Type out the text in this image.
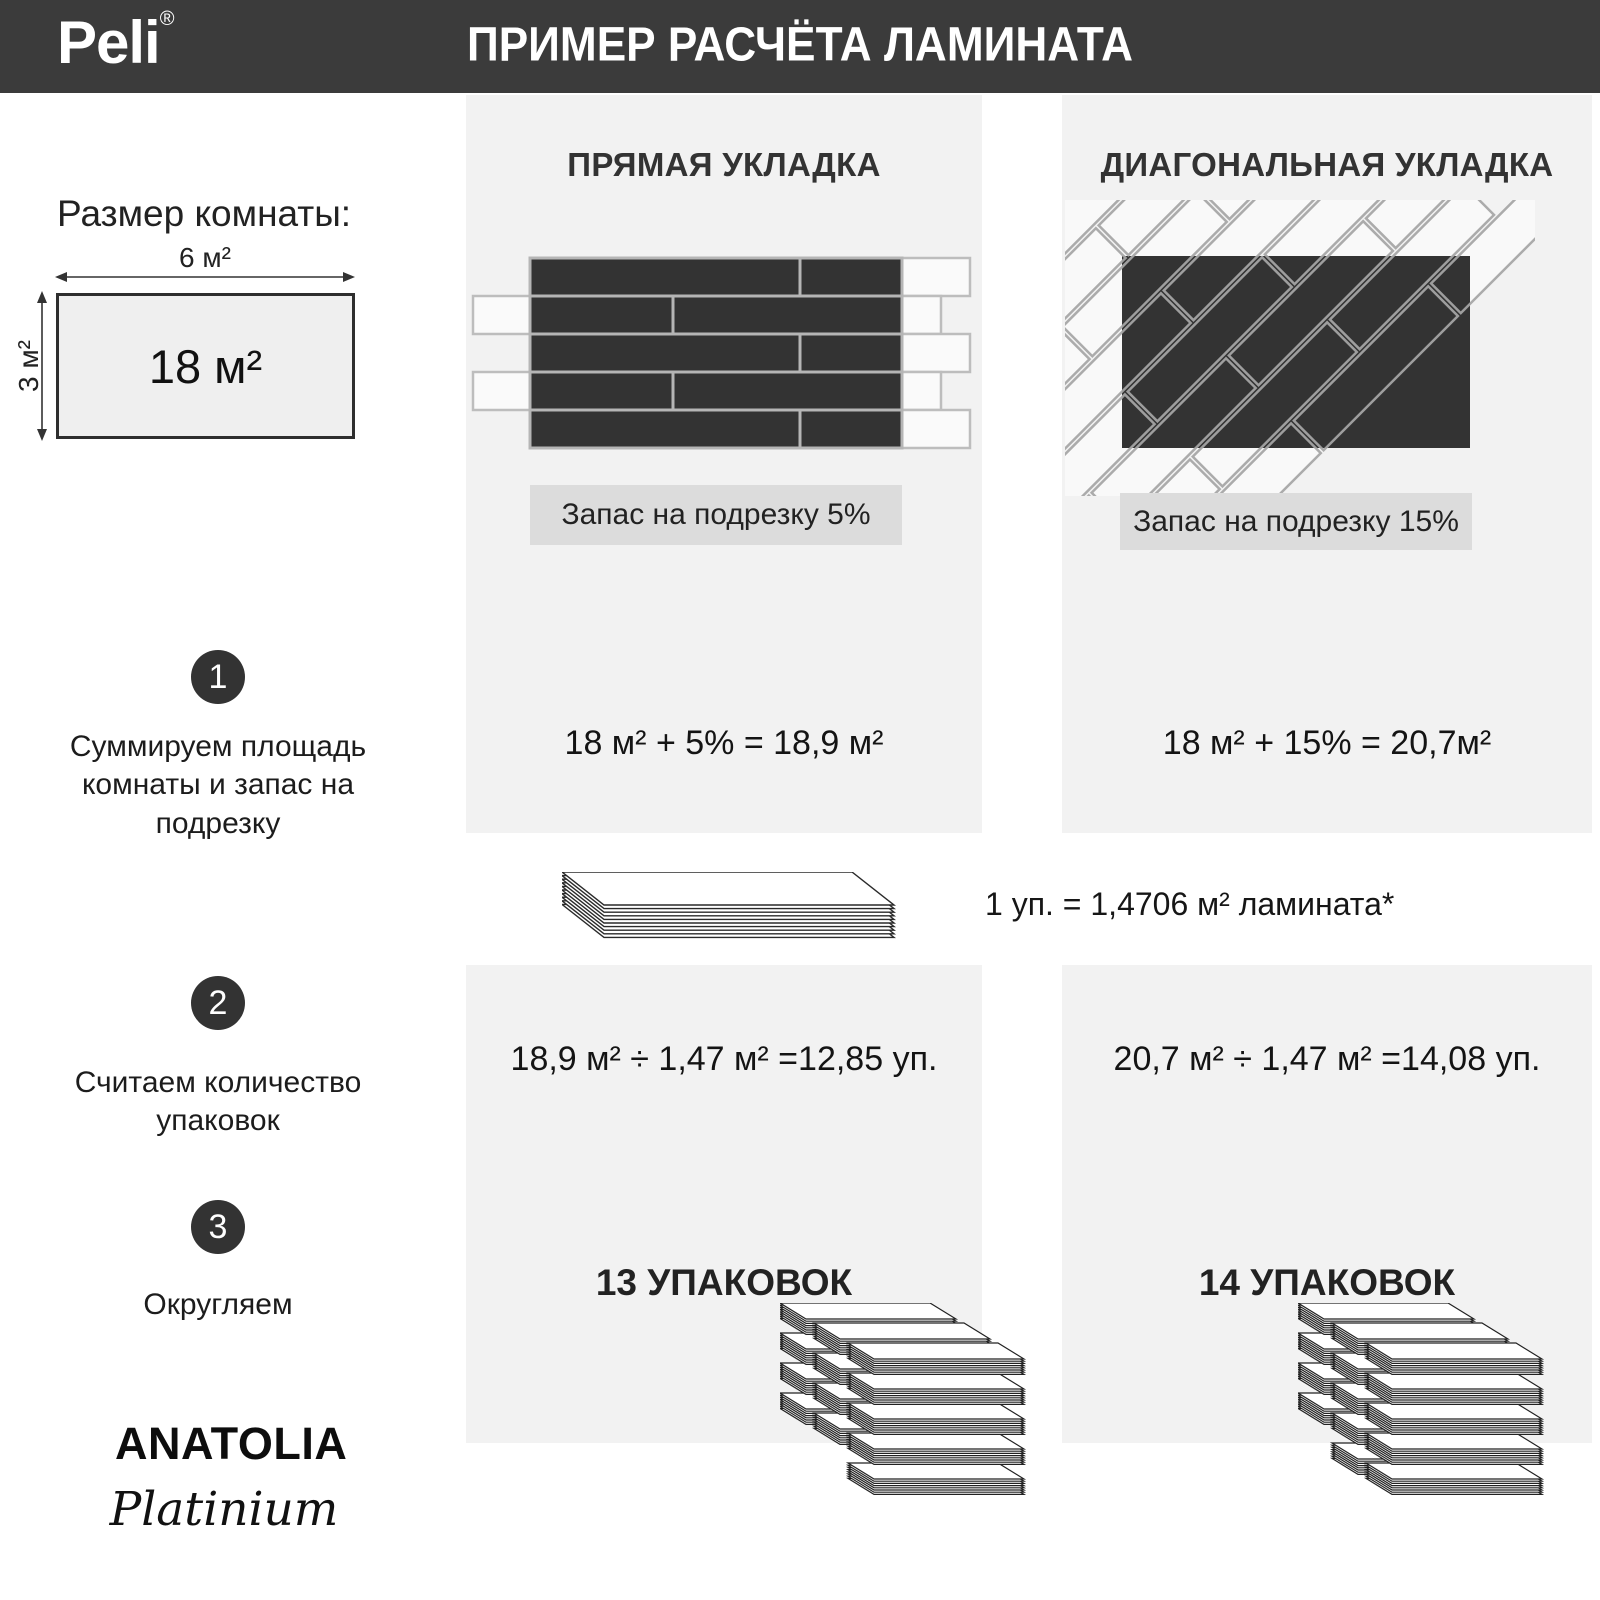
Peli®	ПРИМЕР РАСЧЁТА ЛАМИНАТА
ПРЯМАЯ УКЛАДКА	ДИАГОНАЛЬНАЯ УКЛАДКА
Размер комнаты:
6 м²
3 м² 18 м²
Запас на подрезку 5%	Запас на подрезку 15%
1
Суммируем площадь комнаты и запас на подрезку
2
Считаем количество упаковок
3
Округляем
18 м² + 5% = 18,9 м²	18 м² + 15% = 20,7м²
1 уп. = 1,4706 м² ламината*
18,9 м² ÷ 1,47 м² =12,85 уп.	20,7 м² ÷ 1,47 м² =14,08 уп.
13 УПАКОВОК	14 УПАКОВОК
ANATOLIA
Platinium
